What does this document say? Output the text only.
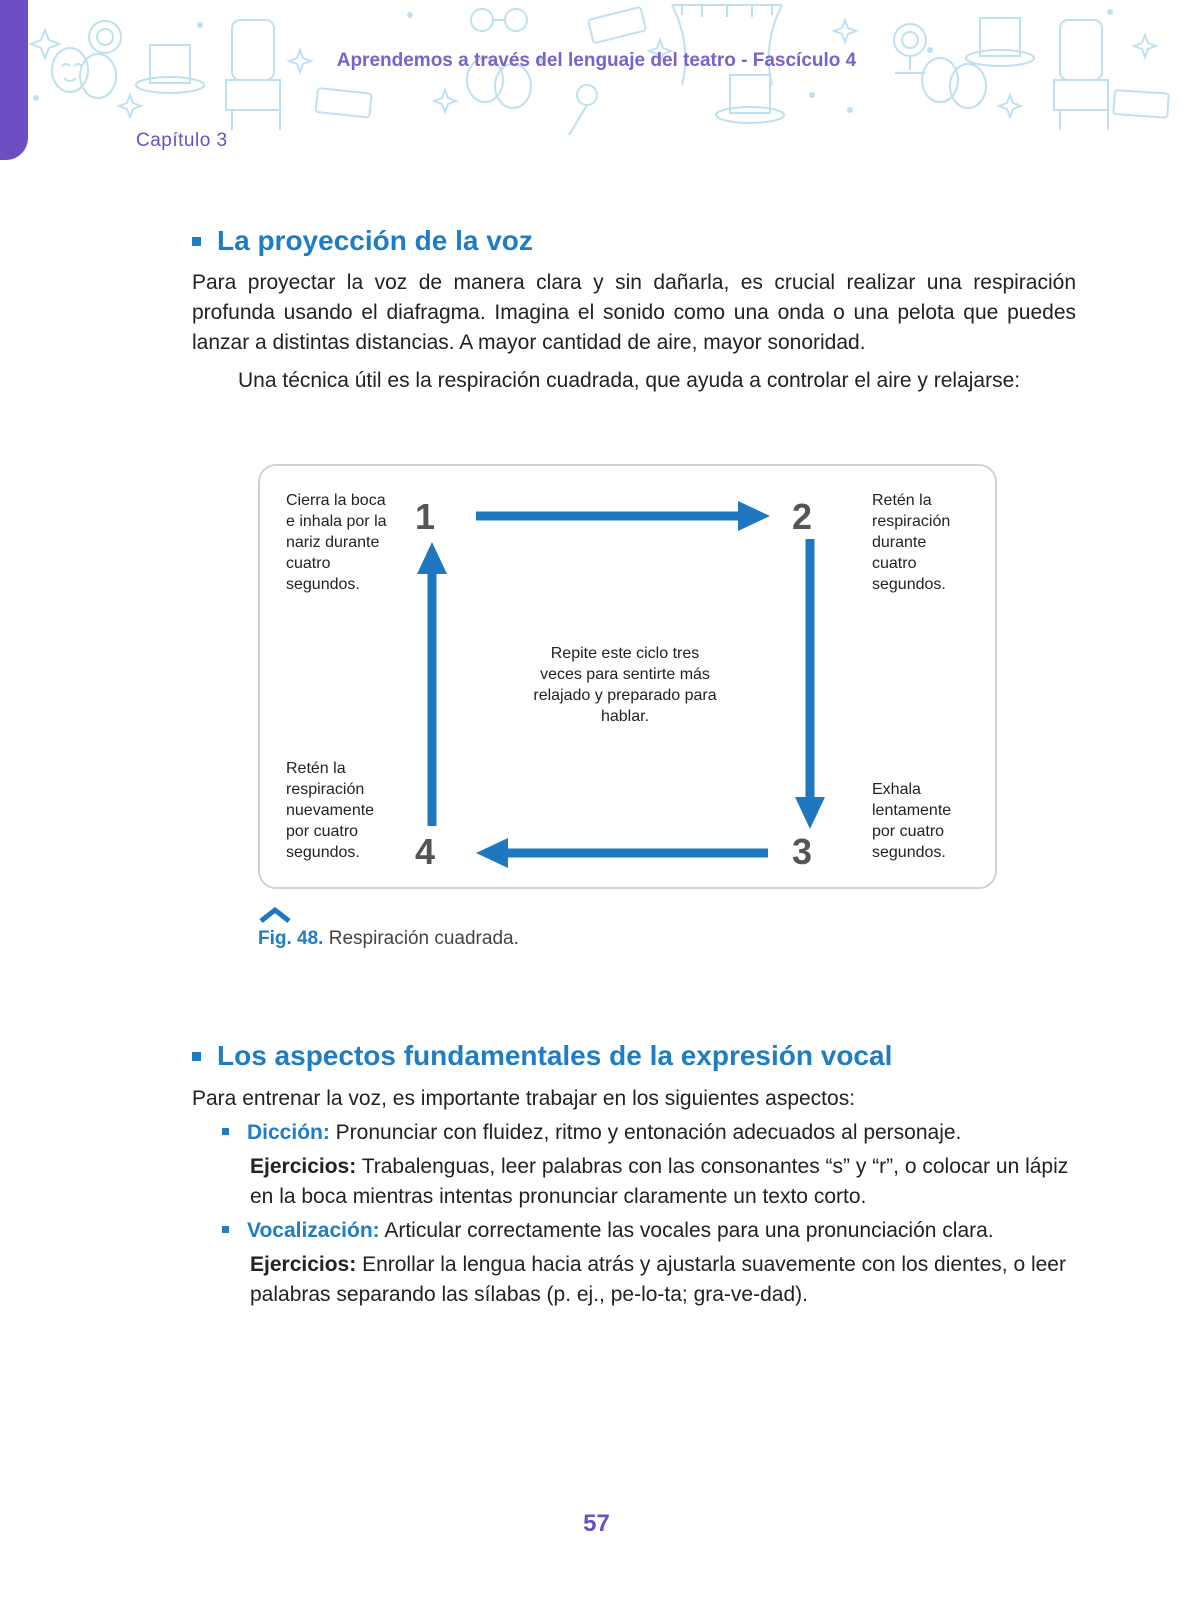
Aprendemos a través del lenguaje del teatro - Fascículo 4
Capítulo 3
La proyección de la voz
Para proyectar la voz de manera clara y sin dañarla, es crucial realizar una respiración profunda usando el diafragma. Imagina el sonido como una onda o una pelota que puedes lanzar a distintas distancias. A mayor cantidad de aire, mayor sonoridad.
Una técnica útil es la respiración cuadrada, que ayuda a controlar el aire y relajarse:
1	2
3
4
Cierra la boca e inhala por la nariz durante cuatro segundos.
Retén la respiración durante cuatro segundos.
Exhala lentamente por cuatro segundos.
Retén la respiración nuevamente por cuatro segundos.
Repite este ciclo tres veces para sentirte más relajado y preparado para hablar.
Fig. 48. Respiración cuadrada.
Los aspectos fundamentales de la expresión vocal
Para entrenar la voz, es importante trabajar en los siguientes aspectos:
Dicción: Pronunciar con fluidez, ritmo y entonación adecuados al personaje.
Ejercicios: Trabalenguas, leer palabras con las consonantes “s” y “r”, o colocar un lápiz en la boca mientras intentas pronunciar claramente un texto corto.
Vocalización: Articular correctamente las vocales para una pronunciación clara.
Ejercicios: Enrollar la lengua hacia atrás y ajustarla suavemente con los dientes, o leer palabras separando las sílabas (p. ej., pe-lo-ta; gra-ve-dad).
57
